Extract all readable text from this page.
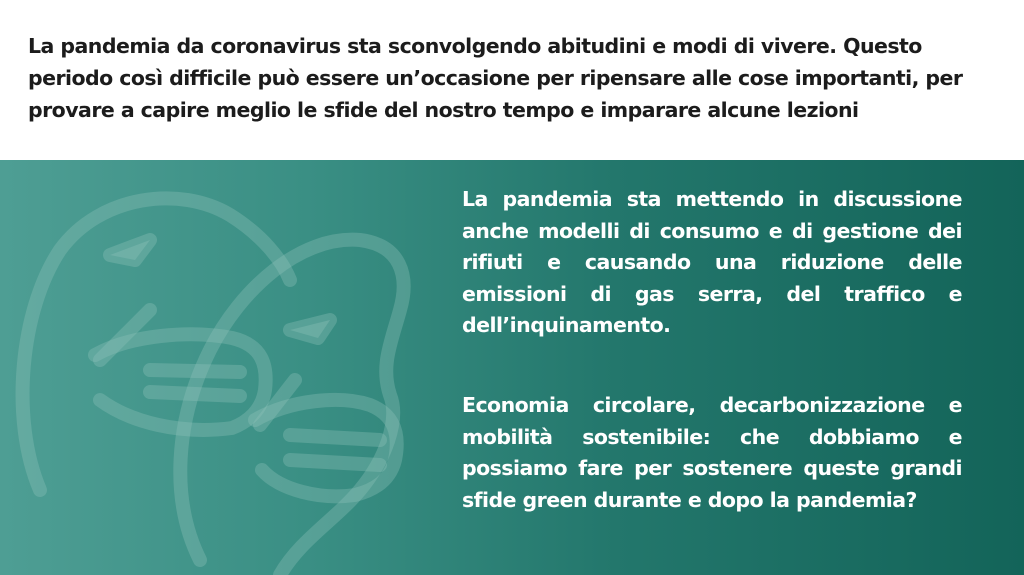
La pandemia da coronavirus sta sconvolgendo abitudini e modi di vivere. Questo periodo così difficile può essere un’occasione per ripensare alle cose importanti, per provare a capire meglio le sfide del nostro tempo e imparare alcune lezioni

La pandemia sta mettendo in discussione anche modelli di consumo e di gestione dei rifiuti e causando una riduzione delle emissioni di gas serra, del traffico e dell’inquinamento.

Economia circolare, decarbonizzazione e mobilità sostenibile: che dobbiamo e possiamo fare per sostenere queste grandi sfide green durante e dopo la pandemia?
